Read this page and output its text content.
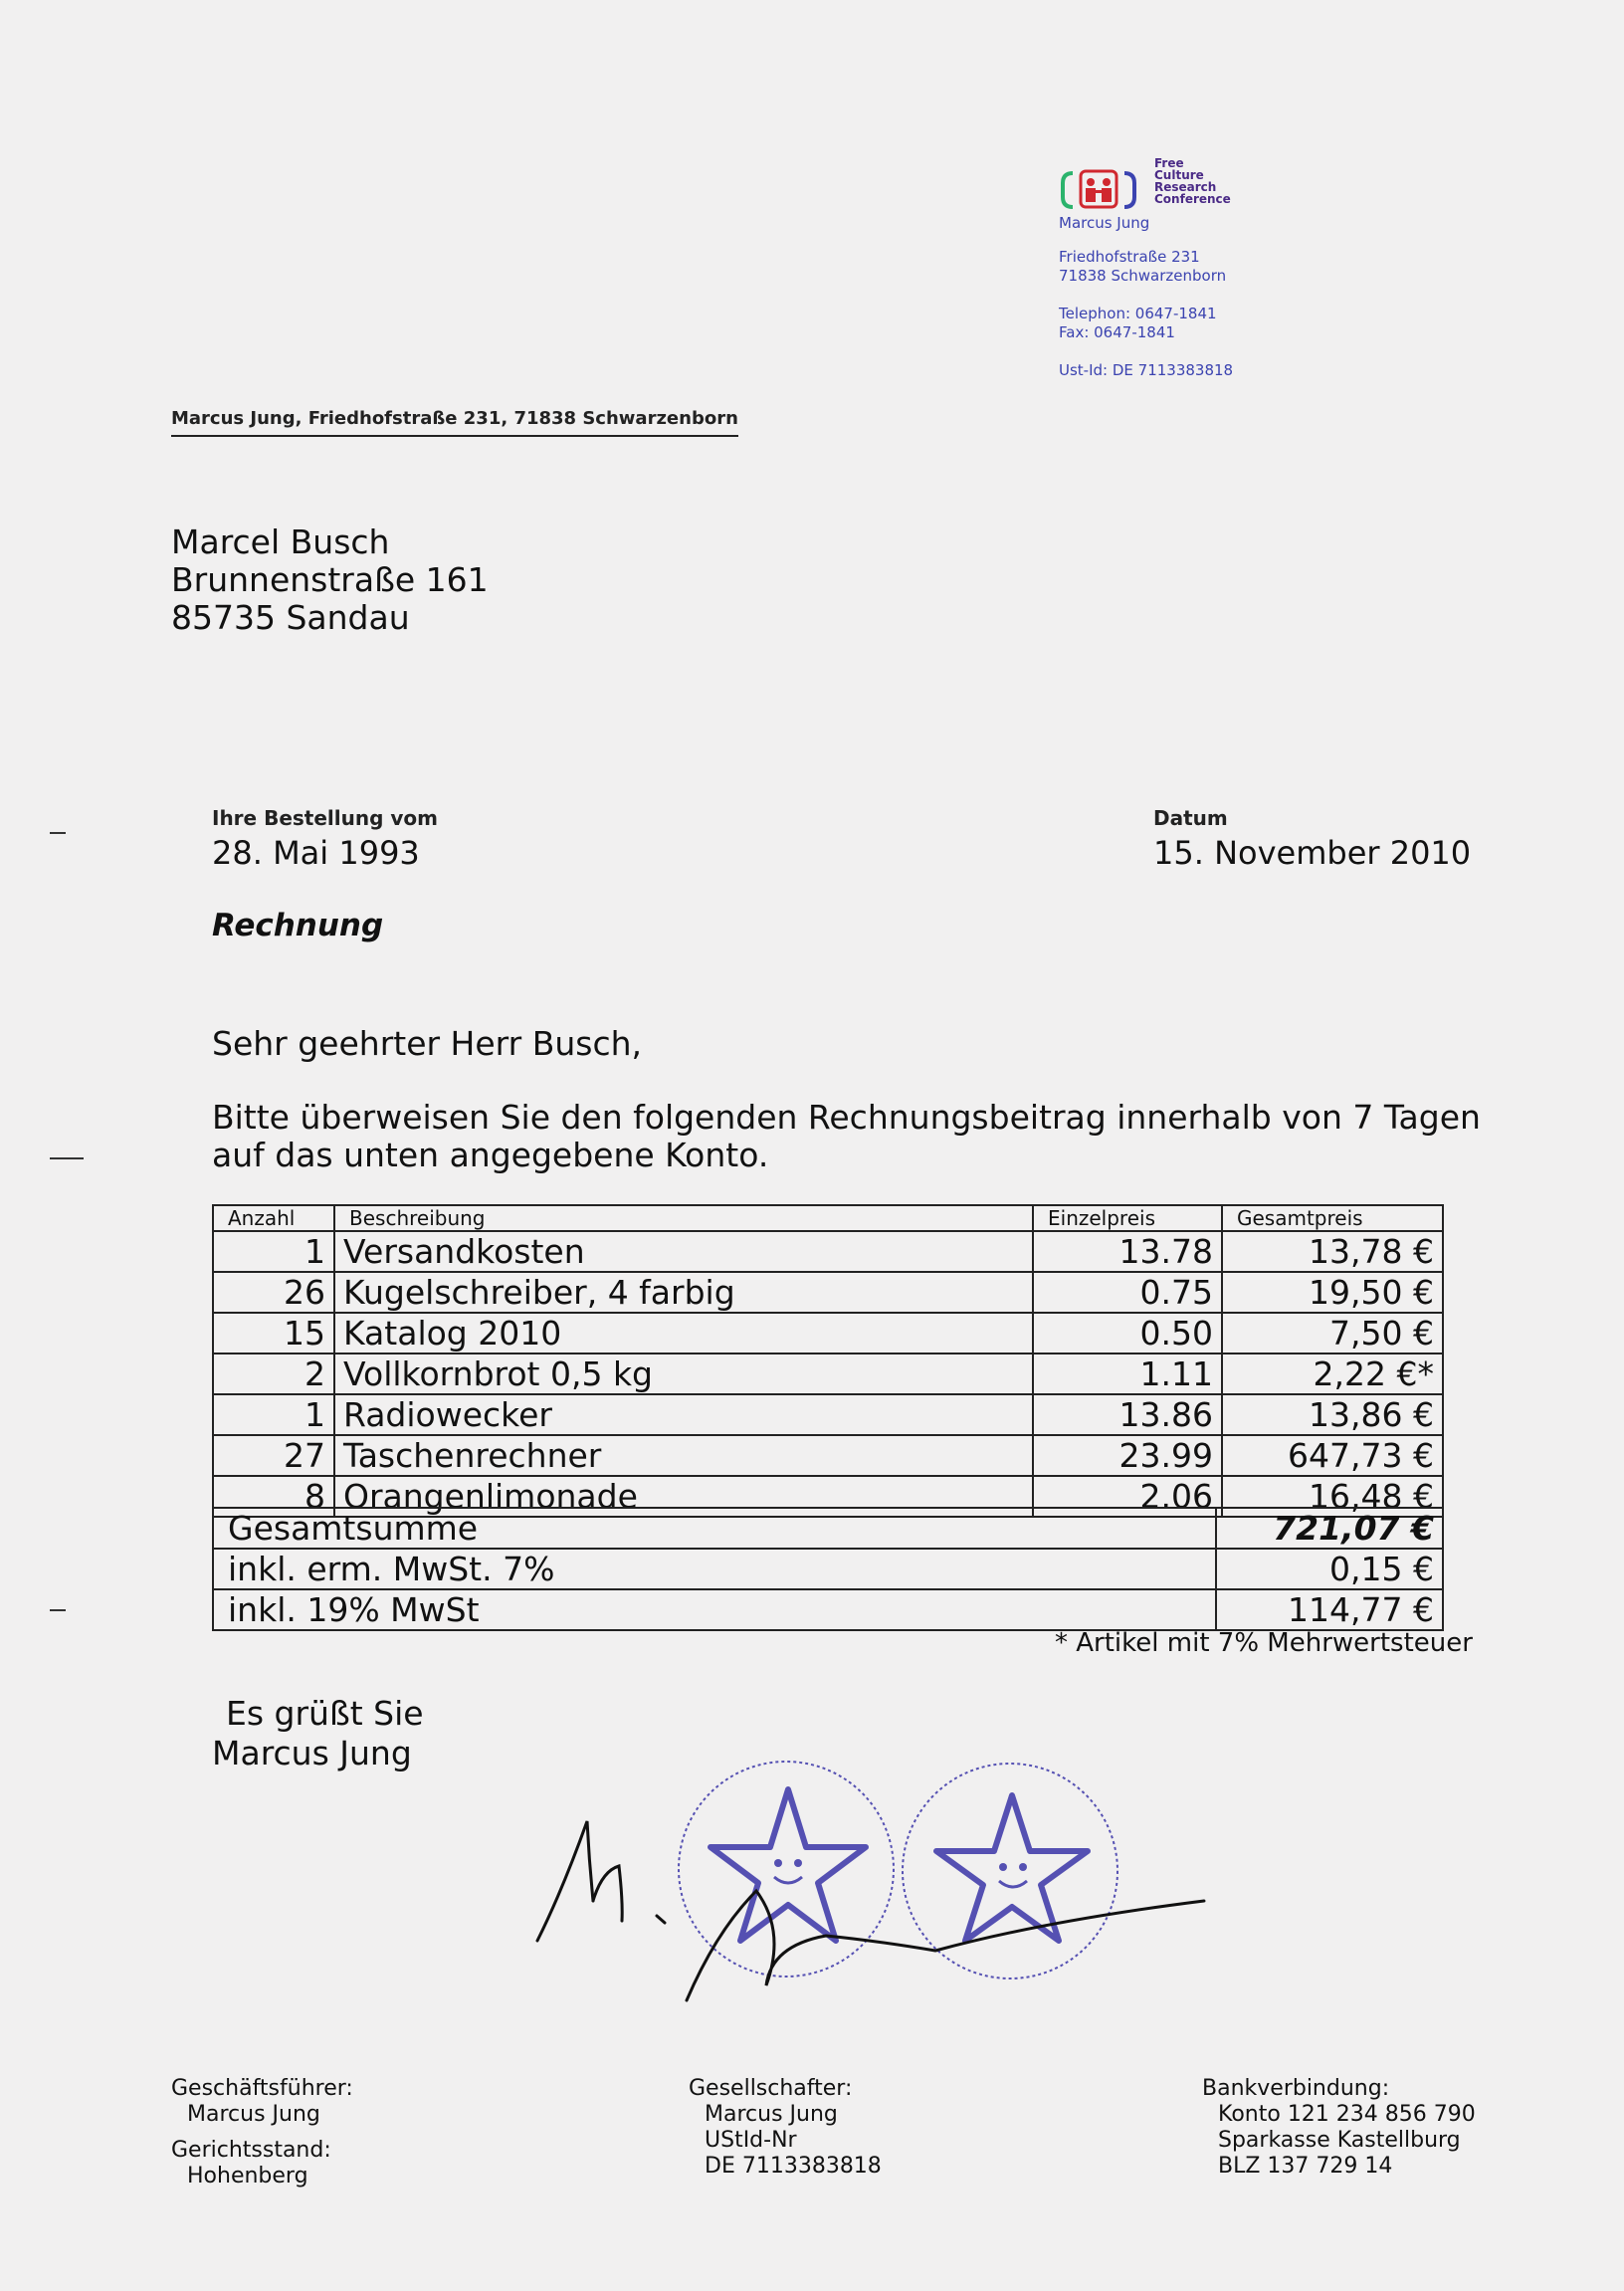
Free
Culture
Research
Conference
Marcus Jung
Friedhofstraße 231
71838 Schwarzenborn
Telephon: 0647-1841
Fax: 0647-1841
Ust-Id: DE 7113383818
Marcus Jung, Friedhofstraße 231, 71838 Schwarzenborn
Marcel Busch
Brunnenstraße 161
85735 Sandau
Ihre Bestellung vom
28. Mai 1993
Datum
15. November 2010
Rechnung
Sehr geehrter Herr Busch,
Bitte überweisen Sie den folgenden Rechnungsbeitrag innerhalb von 7 Tagen
auf das unten angegebene Konto.
Anzahl	Beschreibung	Einzelpreis	Gesamtpreis
1	Versandkosten	13.78	13,78 €
26	Kugelschreiber, 4 farbig	0.75	19,50 €
15	Katalog 2010	0.50	7,50 €
2	Vollkornbrot 0,5 kg	1.11	2,22 €*
1	Radiowecker	13.86	13,86 €
27	Taschenrechner	23.99	647,73 €
8	Orangenlimonade	2.06	16,48 €
Gesamtsumme	721,07 €
inkl. erm. MwSt. 7%	0,15 €
inkl. 19% MwSt	114,77 €
* Artikel mit 7% Mehrwertsteuer
Es grüßt Sie
Marcus Jung
Geschäftsführer:
Marcus Jung
Gerichtsstand:
Hohenberg
Gesellschafter:
Marcus Jung
UStId-Nr
DE 7113383818
Bankverbindung:
Konto 121 234 856 790
Sparkasse Kastellburg
BLZ 137 729 14
